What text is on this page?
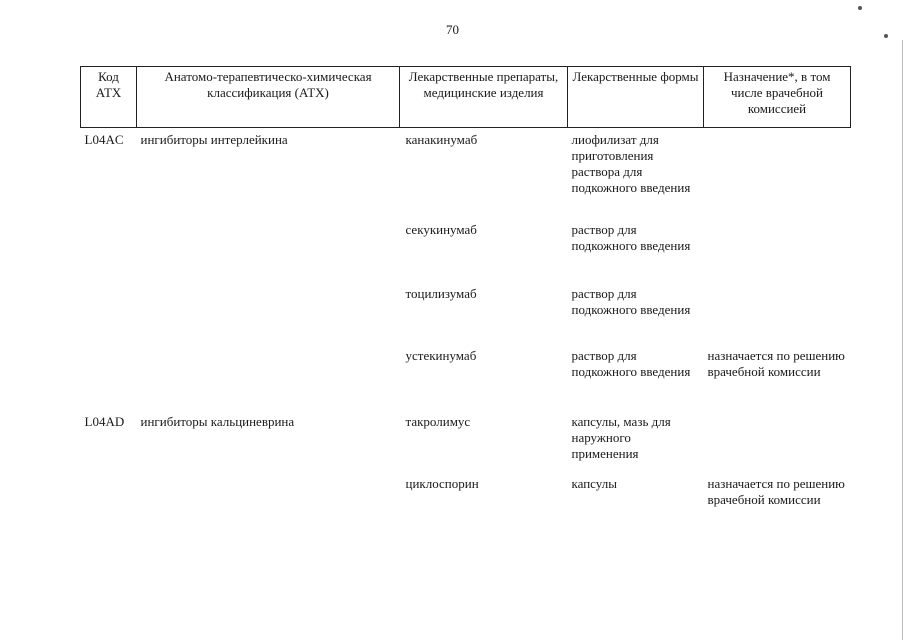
70
Код АТХ	Анатомо-терапевтическо-химическая классификация (АТХ)	Лекарственные препараты, медицинские изделия	Лекарственные формы	Назначение*, в том числе врачебной комиссией
L04AC	ингибиторы интерлейкина	канакинумаб	лиофилизат для приготовления раствора для подкожного введения	
		секукинумаб	раствор для подкожного введения	
		тоцилизумаб	раствор для подкожного введения	
		устекинумаб	раствор для подкожного введения	назначается по решению врачебной комиссии
L04AD	ингибиторы кальциневрина	такролимус	капсулы, мазь для наружного применения	
		циклоспорин	капсулы	назначается по решению врачебной комиссии
